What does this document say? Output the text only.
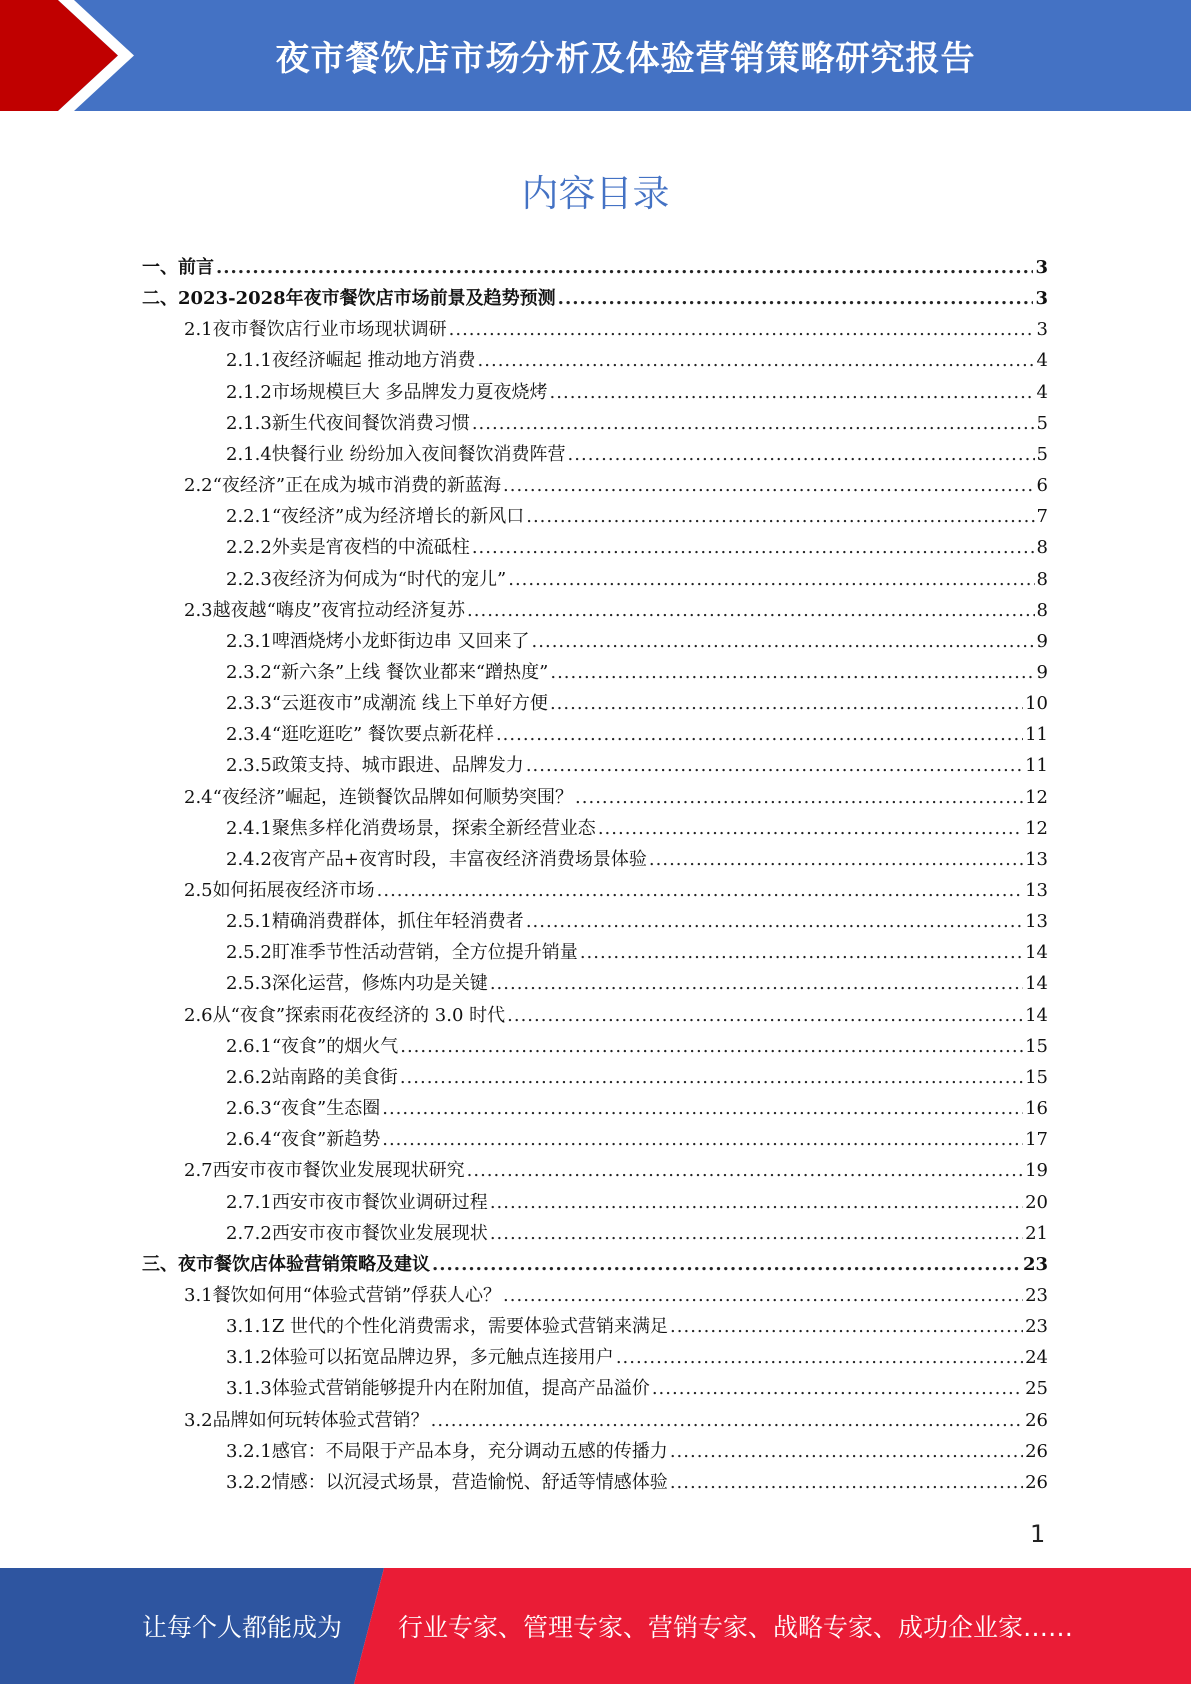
夜市餐饮店市场分析及体验营销策略研究报告
内容目录
一、 前言 .....	3
二、 2023-2028年夜市餐饮店市场前景及趋势预测 .....	3
2.1 夜市餐饮店行业市场现状调研 .....	3
2.1.1 夜经济崛起 推动地方消费 .....	4
2.1.2 市场规模巨大 多品牌发力夏夜烧烤 .....	4
2.1.3 新生代夜间餐饮消费习惯 .....	5
2.1.4 快餐行业 纷纷加入夜间餐饮消费阵营 .....	5
2.2 “夜经济”正在成为城市消费的新蓝海 .....	6
2.2.1 “夜经济”成为经济增长的新风口 .....	7
2.2.2 外卖是宵夜档的中流砥柱 .....	8
2.2.3 夜经济为何成为“时代的宠儿” .....	8
2.3 越夜越“嗨皮”夜宵拉动经济复苏 .....	8
2.3.1 啤酒烧烤小龙虾街边串 又回来了 .....	9
2.3.2 “新六条”上线 餐饮业都来“蹭热度” .....	9
2.3.3 “云逛夜市”成潮流 线上下单好方便 .....	10
2.3.4 “逛吃逛吃” 餐饮要点新花样 .....	11
2.3.5 政策支持、城市跟进、品牌发力 .....	11
2.4 “夜经济”崛起，连锁餐饮品牌如何顺势突围？ .....	12
2.4.1 聚焦多样化消费场景，探索全新经营业态 .....	12
2.4.2 夜宵产品+夜宵时段，丰富夜经济消费场景体验 .....	13
2.5 如何拓展夜经济市场 .....	13
2.5.1 精确消费群体，抓住年轻消费者 .....	13
2.5.2 盯准季节性活动营销，全方位提升销量 .....	14
2.5.3 深化运营，修炼内功是关键 .....	14
2.6 从“夜食”探索雨花夜经济的 3.0 时代 .....	14
2.6.1 “夜食”的烟火气 .....	15
2.6.2 站南路的美食街 .....	15
2.6.3 “夜食”生态圈 .....	16
2.6.4 “夜食”新趋势 .....	17
2.7 西安市夜市餐饮业发展现状研究 .....	19
2.7.1 西安市夜市餐饮业调研过程 .....	20
2.7.2 西安市夜市餐饮业发展现状 .....	21
三、 夜市餐饮店体验营销策略及建议 .....	23
3.1 餐饮如何用“体验式营销”俘获人心？ .....	23
3.1.1 Z 世代的个性化消费需求，需要体验式营销来满足 .....	23
3.1.2 体验可以拓宽品牌边界，多元触点连接用户 .....	24
3.1.3 体验式营销能够提升内在附加值，提高产品溢价 .....	25
3.2 品牌如何玩转体验式营销？ .....	26
3.2.1 感官：不局限于产品本身，充分调动五感的传播力 .....	26
3.2.2 情感：以沉浸式场景，营造愉悦、舒适等情感体验 .....	26
1
让每个人都能成为 行业专家、管理专家、营销专家、战略专家、成功企业家……
